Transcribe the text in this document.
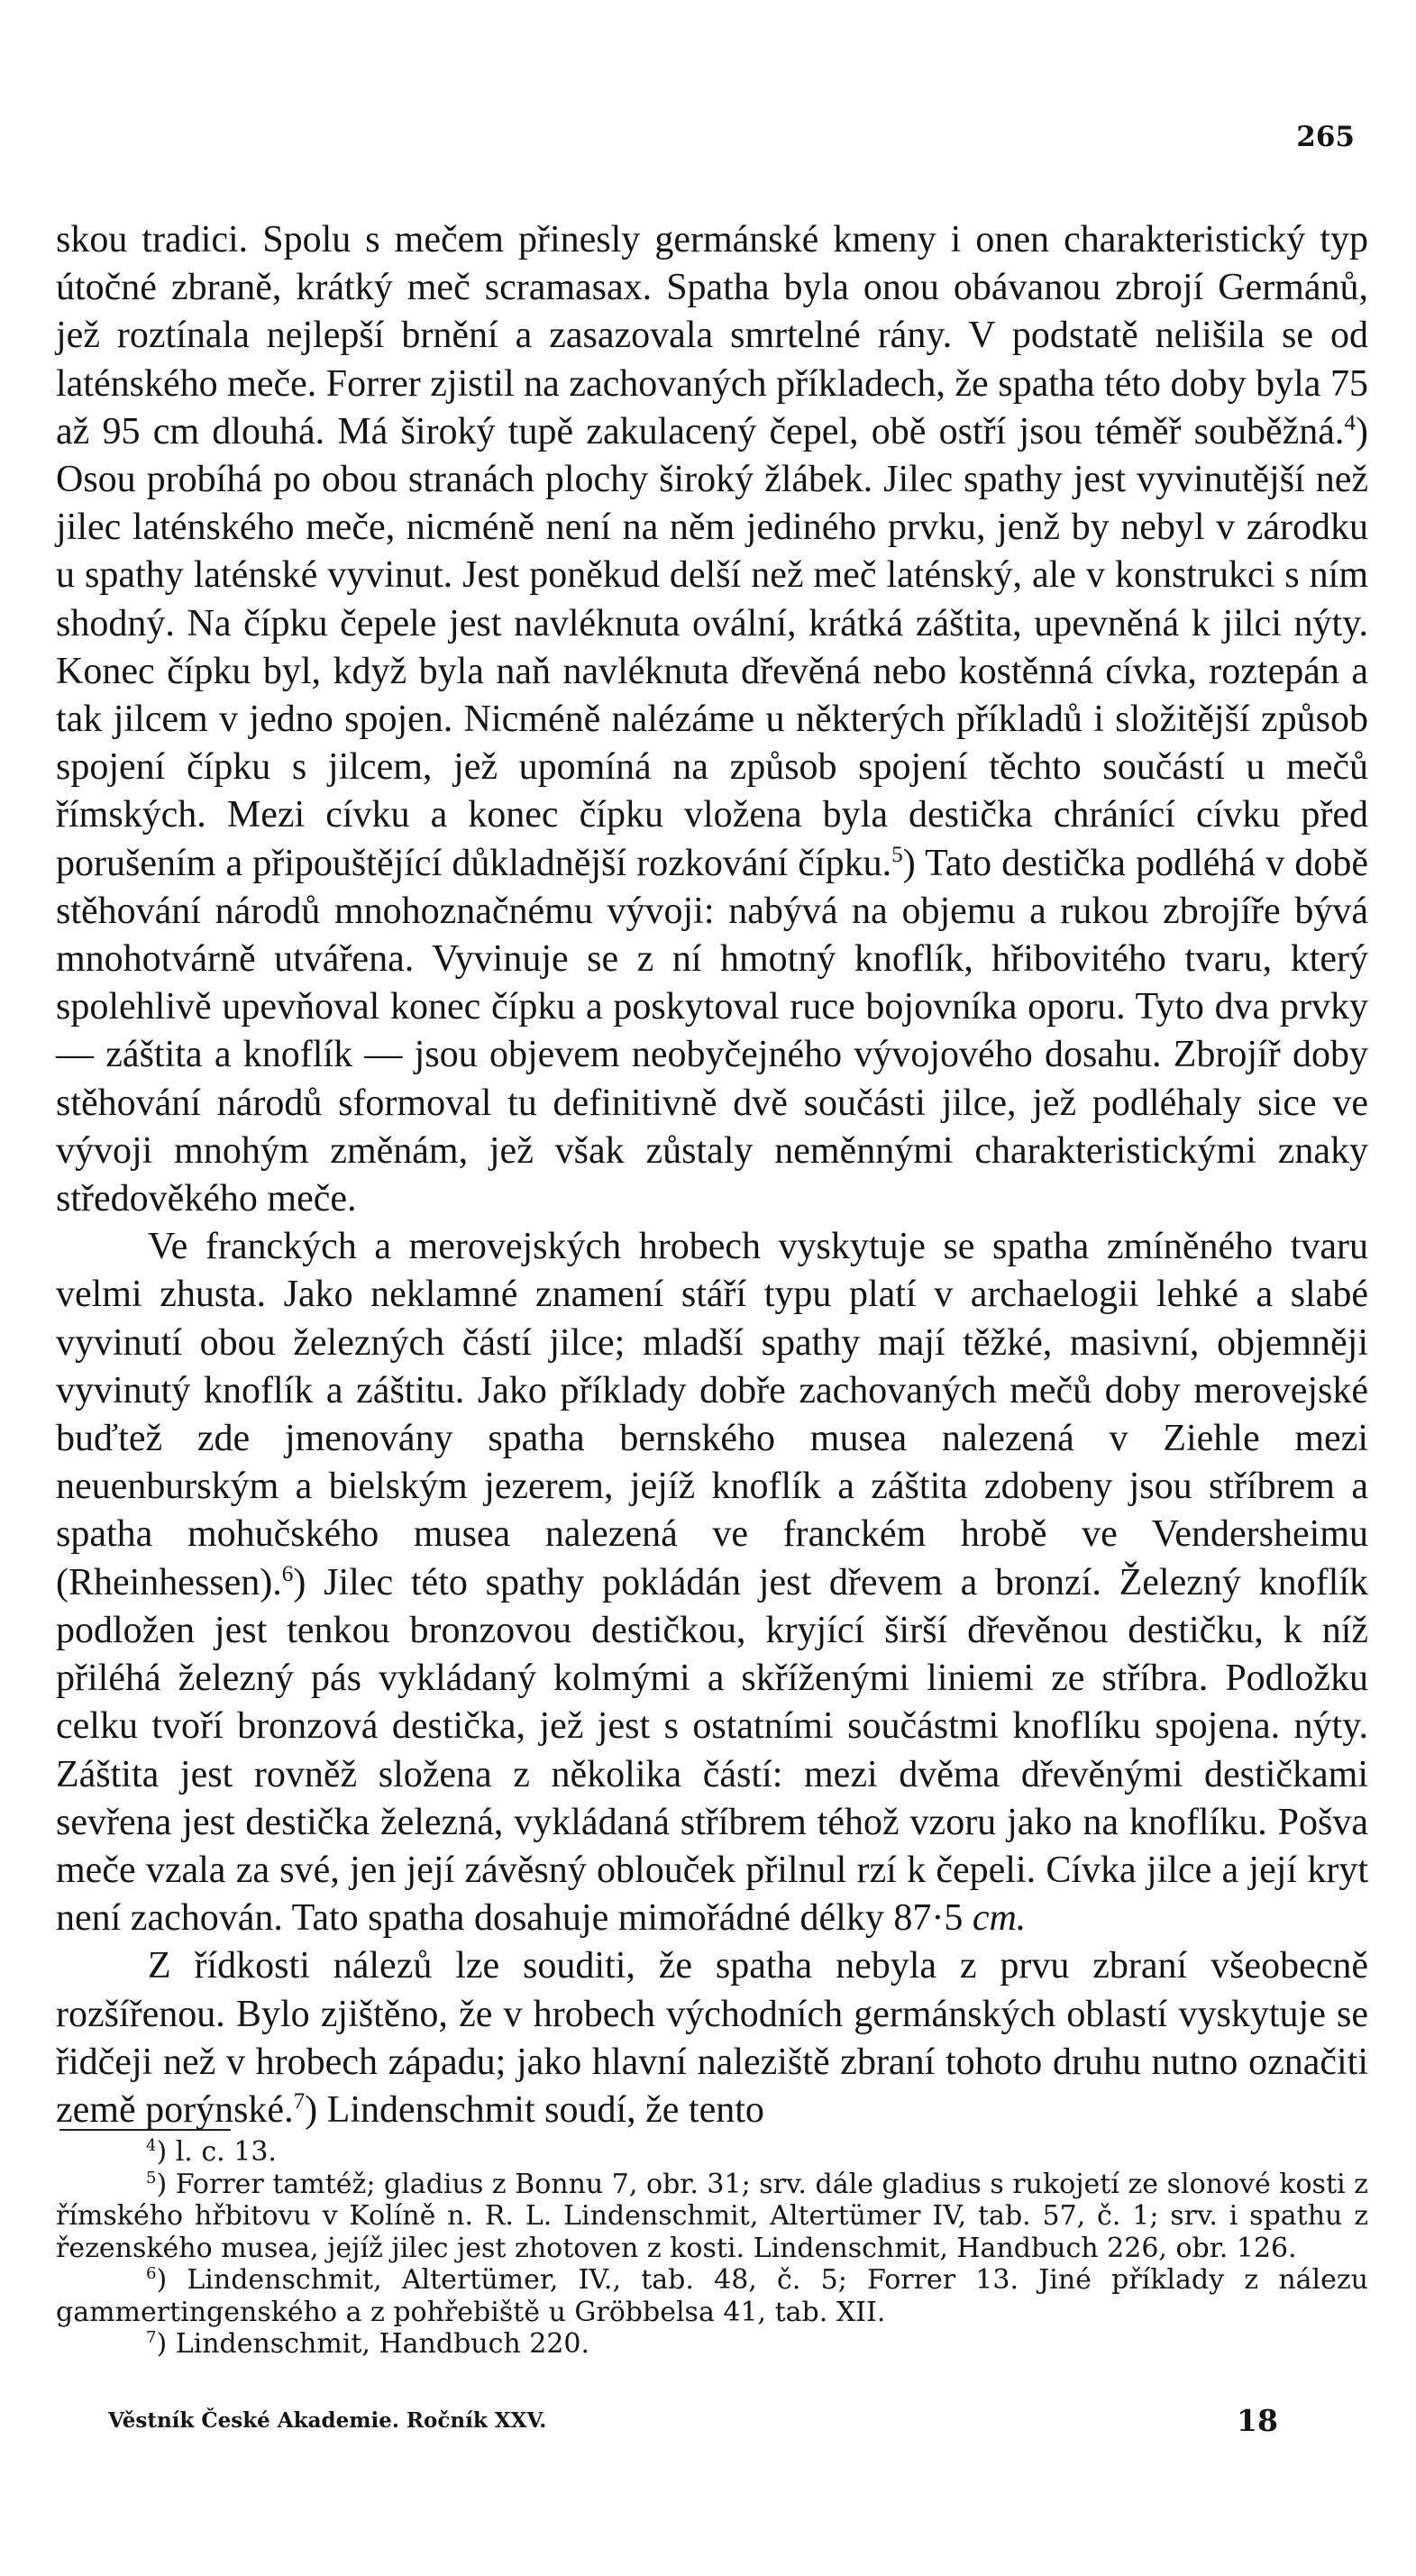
265

skou tradici. Spolu s mečem přinesly germánské kmeny i onen charakteristický typ útočné zbraně, krátký meč scramasax. Spatha byla onou obávanou zbrojí Germánů, jež roztínala nejlepší brnění a zasazovala smrtelné rány. V podstatě nelišila se od laténského meče. Forrer zjistil na zachovaných příkladech, že spatha této doby byla 75 až 95 cm dlouhá. Má široký tupě zakulacený čepel, obě ostří jsou téměř souběžná.$^4$) Osou probíhá po obou stranách plochy široký žlábek. Jilec spathy jest vyvinutější než jilec laténského meče, nicméně není na něm jediného prvku, jenž by nebyl v zárodku u spathy laténské vyvinut. Jest poněkud delší než meč laténský, ale v konstrukci s ním shodný. Na čípku čepele jest navléknuta ovální, krátká záštita, upevněná k jilci nýty. Konec čípku byl, když byla naň navléknuta dřevěná nebo kostěnná cívka, roztepán a tak jilcem v jedno spojen. Nicméně nalézáme u některých příkladů i složitější způsob spojení čípku s jilcem, jež upomíná na způsob spojení těchto součástí u mečů římských. Mezi cívku a konec čípku vložena byla destička chránící cívku před porušením a připouštějící důkladnější rozkování čípku.$^5$) Tato destička podléhá v době stěhování národů mnohoznačnému vývoji: nabývá na objemu a rukou zbrojíře bývá mnohotvárně utvářena. Vyvinuje se z ní hmotný knoflík, hřibovitého tvaru, který spolehlivě upevňoval konec čípku a poskytoval ruce bojovníka oporu. Tyto dva prvky — záštita a knoflík — jsou objevem neobyčejného vývojového dosahu. Zbrojíř doby stěhování národů sformoval tu definitivně dvě součásti jilce, jež podléhaly sice ve vývoji mnohým změnám, jež však zůstaly neměnnými charakteristickými znaky středověkého meče.

Ve franckých a merovejských hrobech vyskytuje se spatha zmíněného tvaru velmi zhusta. Jako neklamné znamení stáří typu platí v archaelogii lehké a slabé vyvinutí obou železných částí jilce; mladší spathy mají těžké, masivní, objemněji vyvinutý knoflík a záštitu. Jako příklady dobře zachovaných mečů doby merovejské buďtež zde jmenovány spatha bernského musea nalezená v Ziehle mezi neuenburským a bielským jezerem, jejíž knoflík a záštita zdobeny jsou stříbrem a spatha mohučského musea nalezená ve franckém hrobě ve Vendersheimu (Rheinhessen).$^6$) Jilec této spathy pokládán jest dřevem a bronzí. Železný knoflík podložen jest tenkou bronzovou destičkou, kryjící širší dřevěnou destičku, k níž přiléhá železný pás vykládaný kolmými a skříženými liniemi ze stříbra. Podložku celku tvoří bronzová destička, jež jest s ostatními součástmi knoflíku spojena. nýty. Záštita jest rovněž složena z několika částí: mezi dvěma dřevěnými destičkami sevřena jest destička železná, vykládaná stříbrem téhož vzoru jako na knoflíku. Pošva meče vzala za své, jen její závěsný oblouček přilnul rzí k čepeli. Cívka jilce a její kryt není zachován. Tato spatha dosahuje mimořádné délky 87·5 cm.

Z řídkosti nálezů lze souditi, že spatha nebyla z prvu zbraní všeobecně rozšířenou. Bylo zjištěno, že v hrobech východních germánských oblastí vyskytuje se řidčeji než v hrobech západu; jako hlavní naleziště zbraní tohoto druhu nutno označiti země porýnské.$^7$) Lindenschmit soudí, že tento

$^4$) l. c. 13.

$^5$) Forrer tamtéž; gladius z Bonnu 7, obr. 31; srv. dále gladius s rukojetí ze slonové kosti z římského hřbitovu v Kolíně n. R. L. Lindenschmit, Altertümer IV, tab. 57, č. 1; srv. i spathu z řezenského musea, jejíž jilec jest zhotoven z kosti. Lindenschmit, Handbuch 226, obr. 126.

$^6$) Lindenschmit, Altertümer, IV., tab. 48, č. 5; Forrer 13. Jiné příklady z nálezu gammertingenského a z pohřebiště u Gröbbelsa 41, tab. XII.

$^7$) Lindenschmit, Handbuch 220.

Věstník České Akademie. Ročník XXV.	18
